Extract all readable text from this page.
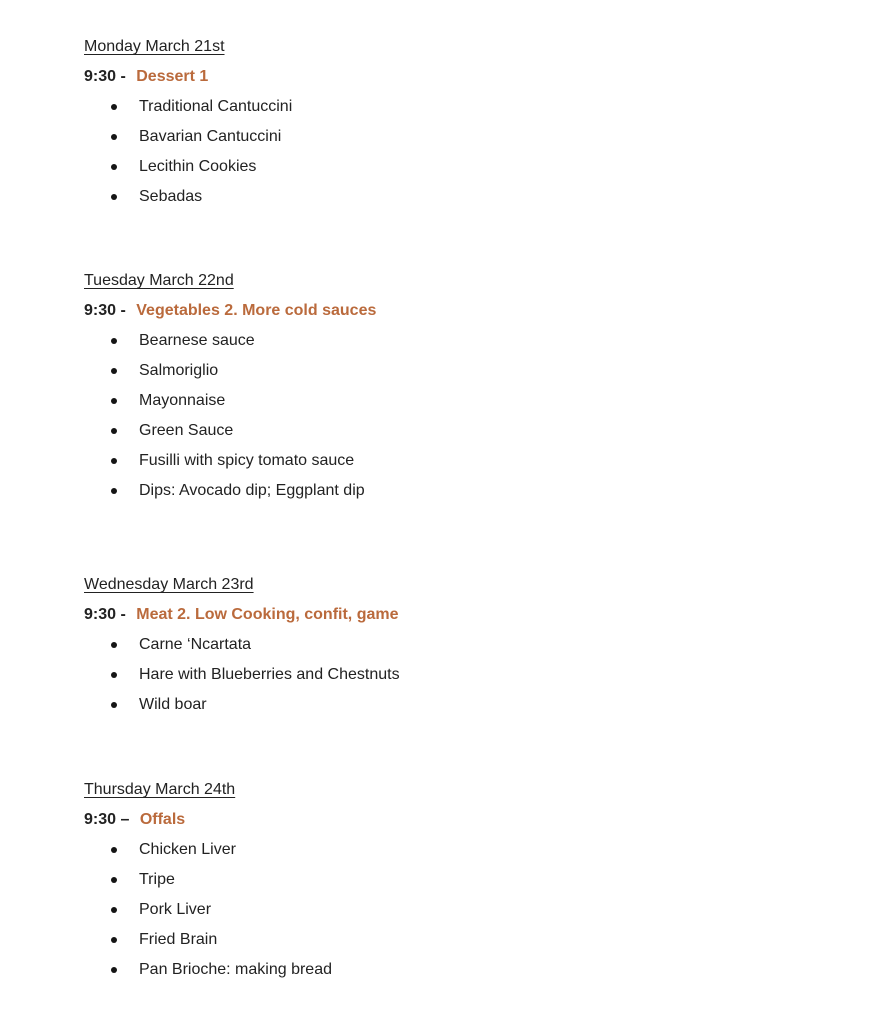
Monday March 21st

9:30 - Dessert 1

Traditional Cantuccini
Bavarian Cantuccini
Lecithin Cookies
Sebadas
Tuesday March 22nd

9:30 - Vegetables 2. More cold sauces

Bearnese sauce
Salmoriglio
Mayonnaise
Green Sauce
Fusilli with spicy tomato sauce
Dips: Avocado dip; Eggplant dip
Wednesday March 23rd

9:30 - Meat 2. Low Cooking, confit, game

Carne ‘Ncartata
Hare with Blueberries and Chestnuts
Wild boar
Thursday March 24th

9:30 – Offals

Chicken Liver
Tripe
Pork Liver
Fried Brain
Pan Brioche: making bread
